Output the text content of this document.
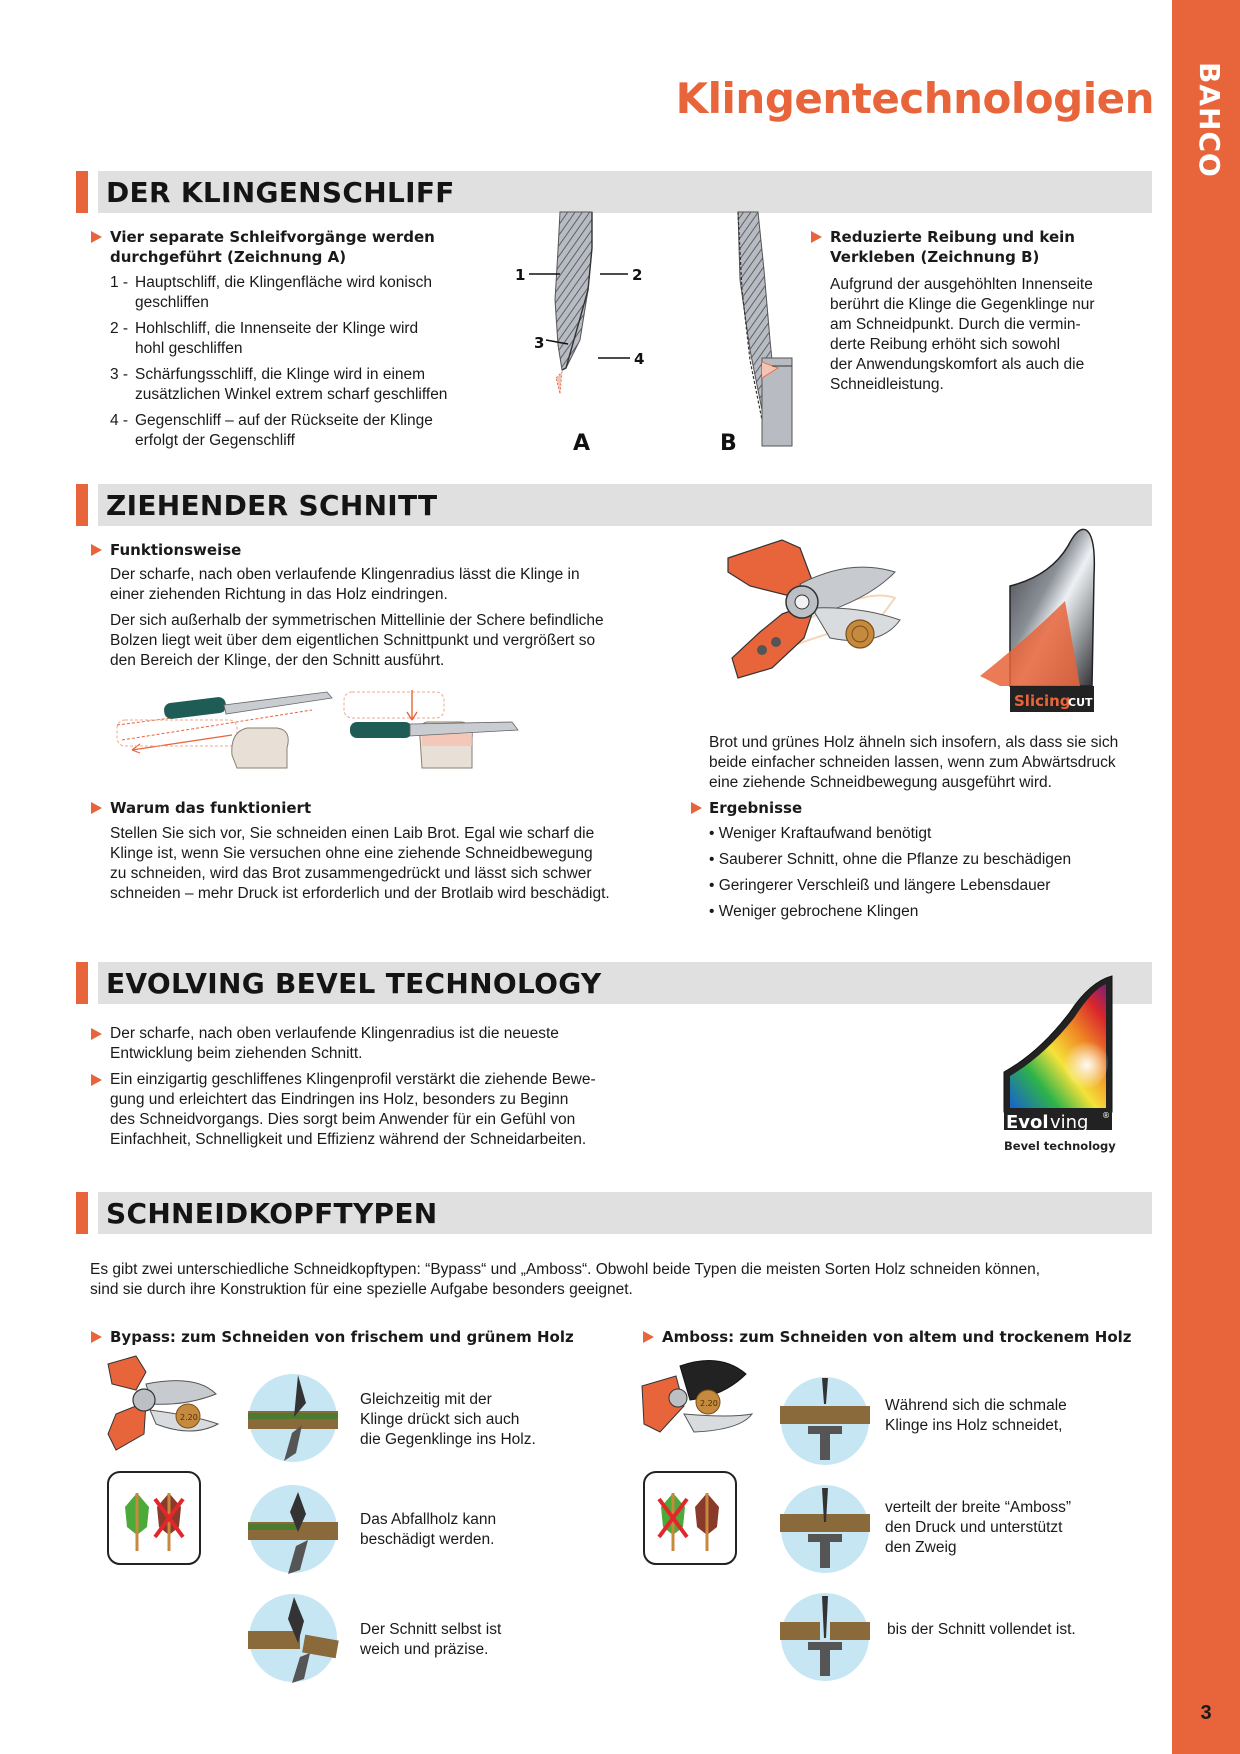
BAHCO
3
Klingentechnologien
DER KLINGENSCHLIFF
Vier separate Schleifvorgänge werden
durchgeführt (Zeichnung A)
1 - Hauptschliff, die Klingenfläche wird konisch
geschliffen
2 - Hohlschliff, die Innenseite der Klinge wird
hohl geschliffen
3 - Schärfungsschliff, die Klinge wird in einem
zusätzlichen Winkel extrem scharf geschliffen
4 - Gegenschliff – auf der Rückseite der Klinge
erfolgt der Gegenschliff
1	2
3
4
A	B
Reduzierte Reibung und kein
Verkleben (Zeichnung B)
Aufgrund der ausgehöhlten Innenseite
berührt die Klinge die Gegenklinge nur
am Schneidpunkt. Durch die vermin-
derte Reibung erhöht sich sowohl
der Anwendungskomfort als auch die
Schneidleistung.
ZIEHENDER SCHNITT
Funktionsweise
Der scharfe, nach oben verlaufende Klingenradius lässt die Klinge in
einer ziehenden Richtung in das Holz eindringen.
Der sich außerhalb der symmetrischen Mittellinie der Schere befindliche
Bolzen liegt weit über dem eigentlichen Schnittpunkt und vergrößert so
den Bereich der Klinge, der den Schnitt ausführt.
Warum das funktioniert
Stellen Sie sich vor, Sie schneiden einen Laib Brot. Egal wie scharf die
Klinge ist, wenn Sie versuchen ohne eine ziehende Schneidbewegung
zu schneiden, wird das Brot zusammengedrückt und lässt sich schwer
schneiden – mehr Druck ist erforderlich und der Brotlaib wird beschädigt.
Slicing
CUT
Brot und grünes Holz ähneln sich insofern, als dass sie sich
beide einfacher schneiden lassen, wenn zum Abwärtsdruck
eine ziehende Schneidbewegung ausgeführt wird.
Ergebnisse
• Weniger Kraftaufwand benötigt
• Sauberer Schnitt, ohne die Pflanze zu beschädigen
• Geringerer Verschleiß und längere Lebensdauer
• Weniger gebrochene Klingen
EVOLVING BEVEL TECHNOLOGY
Der scharfe, nach oben verlaufende Klingenradius ist die neueste
Entwicklung beim ziehenden Schnitt.
Ein einzigartig geschliffenes Klingenprofil verstärkt die ziehende Bewe-
gung und erleichtert das Eindringen ins Holz, besonders zu Beginn
des Schneidvorgangs. Dies sorgt beim Anwender für ein Gefühl von
Einfachheit, Schnelligkeit und Effizienz während der Schneidarbeiten.
Evol ving ®
Bevel technology
SCHNEIDKOPFTYPEN
Es gibt zwei unterschiedliche Schneidkopftypen: “Bypass“ und „Amboss“. Obwohl beide Typen die meisten Sorten Holz schneiden können,
sind sie durch ihre Konstruktion für eine spezielle Aufgabe besonders geeignet.
Bypass: zum Schneiden von frischem und grünem Holz	Amboss: zum Schneiden von altem und trockenem Holz
2.20
2.20
Gleichzeitig mit der
Klinge drückt sich auch
die Gegenklinge ins Holz.
Das Abfallholz kann
beschädigt werden.
Der Schnitt selbst ist
weich und präzise.
Während sich die schmale
Klinge ins Holz schneidet,
verteilt der breite “Amboss”
den Druck und unterstützt
den Zweig
bis der Schnitt vollendet ist.
